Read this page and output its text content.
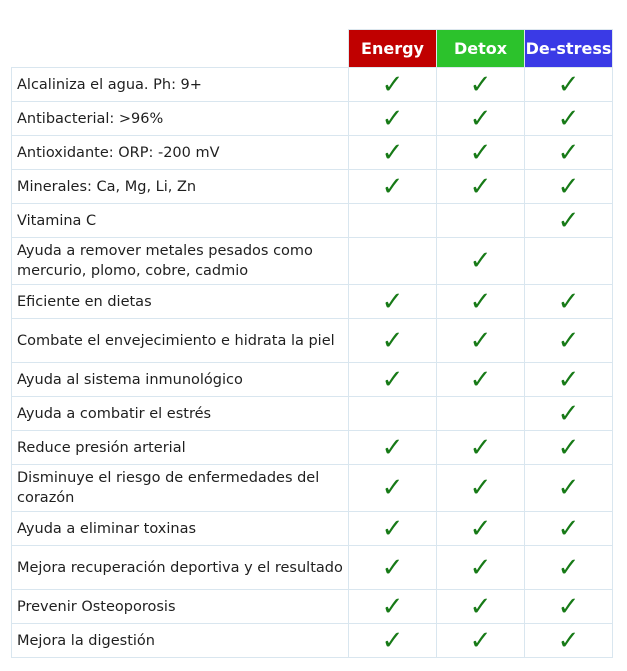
	Energy	Detox	De-stress
Alcaliniza el agua. Ph: 9+	✓	✓	✓
Antibacterial: >96%	✓	✓	✓
Antioxidante: ORP: -200 mV	✓	✓	✓
Minerales: Ca, Mg, Li, Zn	✓	✓	✓
Vitamina C			✓
Ayuda a remover metales pesados como mercurio, plomo, cobre, cadmio		✓	
Eficiente en dietas	✓	✓	✓
Combate el envejecimiento e hidrata la piel	✓	✓	✓
Ayuda al sistema inmunológico	✓	✓	✓
Ayuda a combatir el estrés			✓
Reduce presión arterial	✓	✓	✓
Disminuye el riesgo de enfermedades del corazón	✓	✓	✓
Ayuda a eliminar toxinas	✓	✓	✓
Mejora recuperación deportiva y el resultado	✓	✓	✓
Prevenir Osteoporosis	✓	✓	✓
Mejora la digestión	✓	✓	✓
